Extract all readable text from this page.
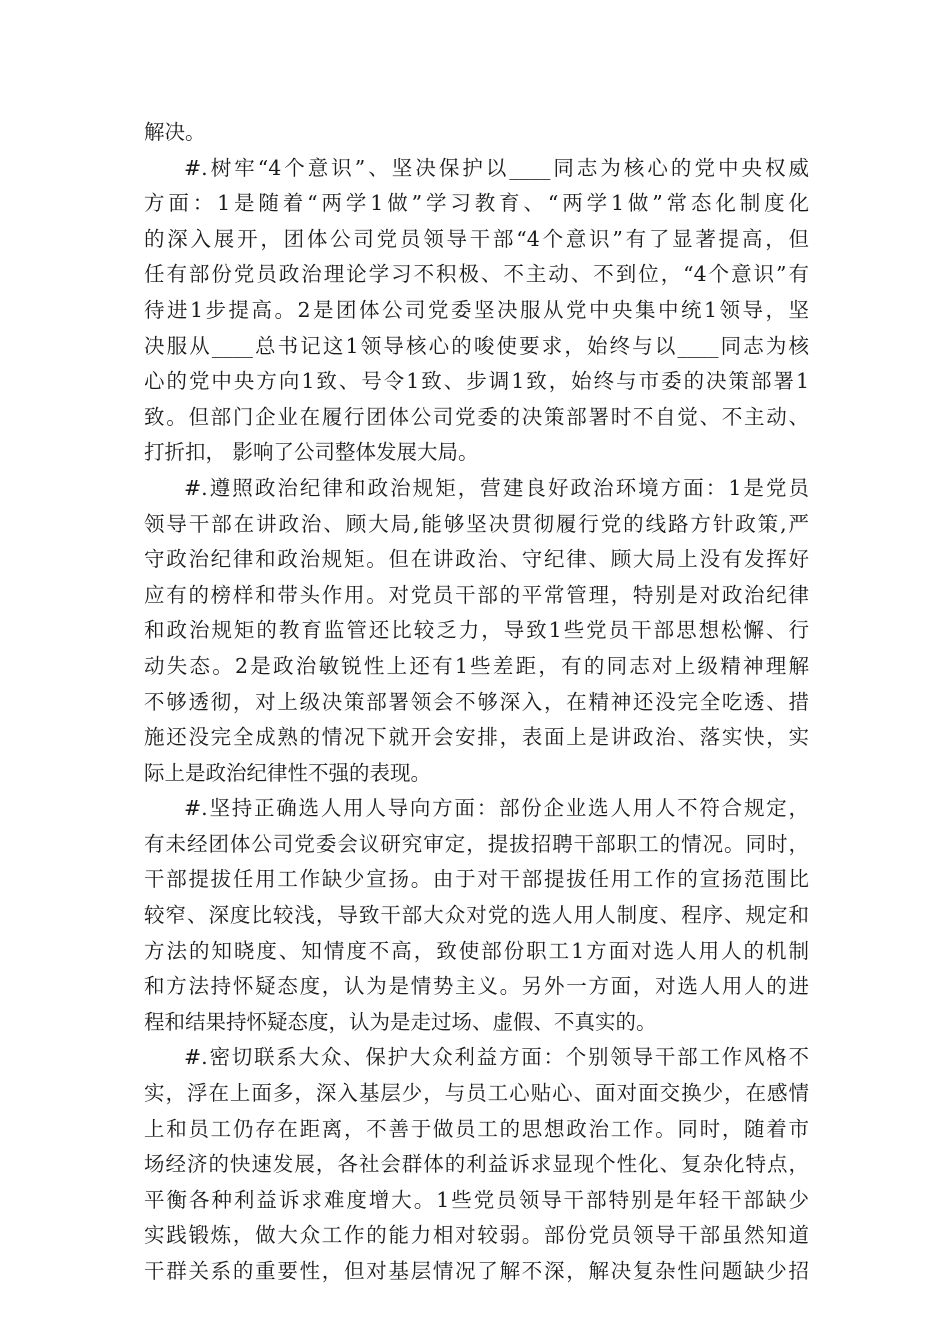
解决。
#.树牢“4个意识”、坚决保护以____同志为核心的党中央权威
方面：1是随着“两学1做”学习教育、“两学1做”常态化制度化
的深入展开，团体公司党员领导干部“4个意识”有了显著提高，但
任有部份党员政治理论学习不积极、不主动、不到位，“4个意识”有
待进1步提高。2是团体公司党委坚决服从党中央集中统1领导，坚
决服从____总书记这1领导核心的唆使要求，始终与以____同志为核
心的党中央方向1致、号令1致、步调1致，始终与市委的决策部署1
致。但部门企业在履行团体公司党委的决策部署时不自觉、不主动、
打折扣， 影响了公司整体发展大局。
#.遵照政治纪律和政治规矩，营建良好政治环境方面：1是党员
领导干部在讲政治、顾大局,能够坚决贯彻履行党的线路方针政策,严
守政治纪律和政治规矩。但在讲政治、守纪律、顾大局上没有发挥好
应有的榜样和带头作用。对党员干部的平常管理，特别是对政治纪律
和政治规矩的教育监管还比较乏力，导致1些党员干部思想松懈、行
动失态。2是政治敏锐性上还有1些差距，有的同志对上级精神理解
不够透彻，对上级决策部署领会不够深入，在精神还没完全吃透、措
施还没完全成熟的情况下就开会安排，表面上是讲政治、落实快，实
际上是政治纪律性不强的表现。
#.坚持正确选人用人导向方面：部份企业选人用人不符合规定，
有未经团体公司党委会议研究审定，提拔招聘干部职工的情况。同时，
干部提拔任用工作缺少宣扬。由于对干部提拔任用工作的宣扬范围比
较窄、深度比较浅，导致干部大众对党的选人用人制度、程序、规定和
方法的知晓度、知情度不高，致使部份职工1方面对选人用人的机制
和方法持怀疑态度，认为是情势主义。另外一方面，对选人用人的进
程和结果持怀疑态度，认为是走过场、虚假、不真实的。
#.密切联系大众、保护大众利益方面：个别领导干部工作风格不
实，浮在上面多，深入基层少，与员工心贴心、面对面交换少，在感情
上和员工仍存在距离，不善于做员工的思想政治工作。同时，随着市
场经济的快速发展，各社会群体的利益诉求显现个性化、复杂化特点，
平衡各种利益诉求难度增大。1些党员领导干部特别是年轻干部缺少
实践锻炼，做大众工作的能力相对较弱。部份党员领导干部虽然知道
干群关系的重要性，但对基层情况了解不深，解决复杂性问题缺少招
